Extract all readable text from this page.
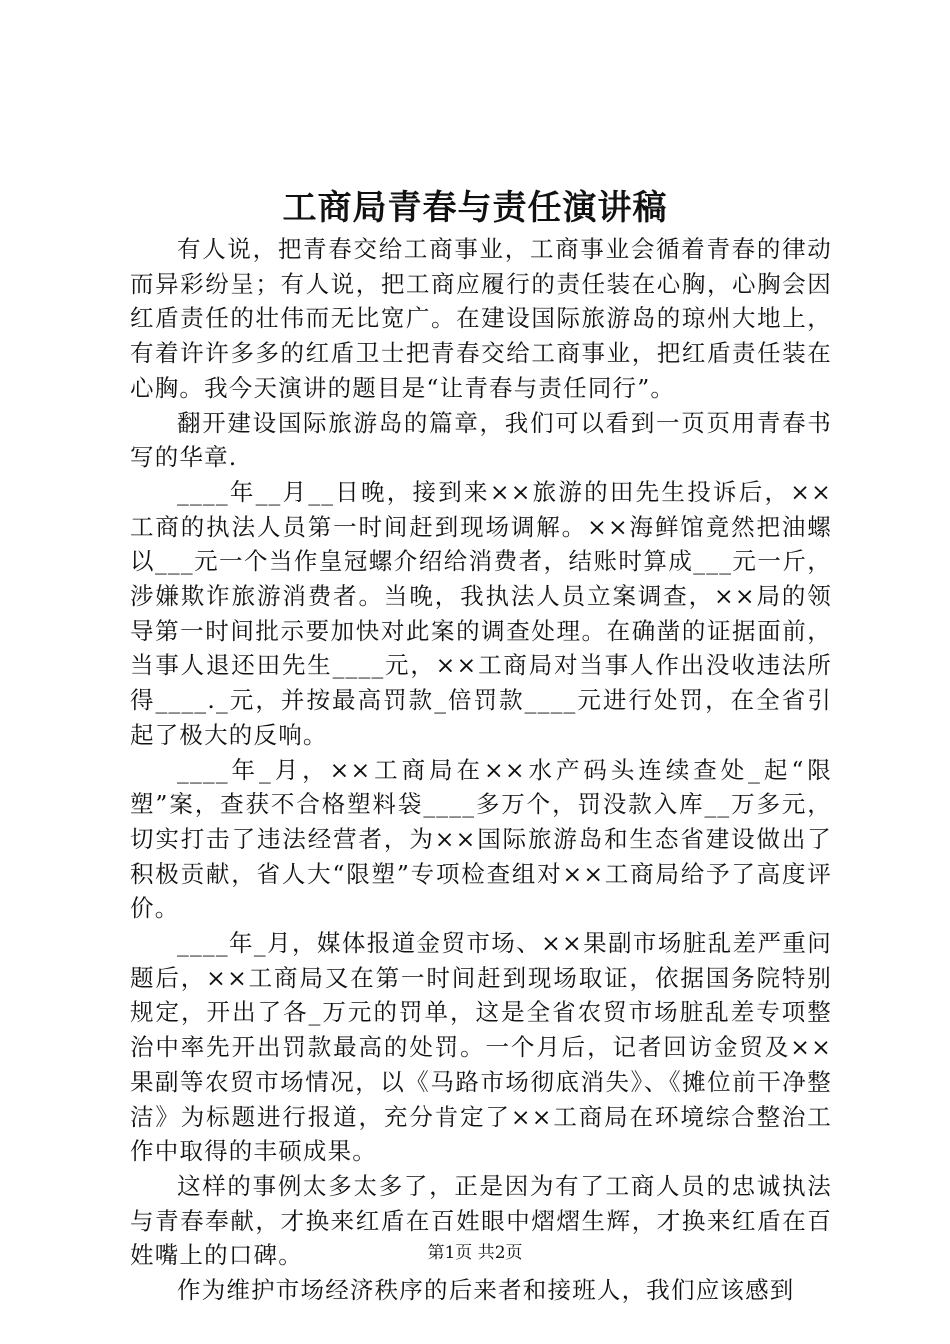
工商局青春与责任演讲稿

有人说，把青春交给工商事业，工商事业会循着青春的律动而异彩纷呈；有人说，把工商应履行的责任装在心胸，心胸会因红盾责任的壮伟而无比宽广。在建设国际旅游岛的琼州大地上，有着许许多多的红盾卫士把青春交给工商事业，把红盾责任装在心胸。我今天演讲的题目是“让青春与责任同行”。

翻开建设国际旅游岛的篇章，我们可以看到一页页用青春书写的华章.

____年__月__日晚，接到来××旅游的田先生投诉后，××工商的执法人员第一时间赶到现场调解。××海鲜馆竟然把油螺以___元一个当作皇冠螺介绍给消费者，结账时算成___元一斤，涉嫌欺诈旅游消费者。当晚，我执法人员立案调查，××局的领导第一时间批示要加快对此案的调查处理。在确凿的证据面前，当事人退还田先生____元，××工商局对当事人作出没收违法所得____._元，并按最高罚款_倍罚款____元进行处罚，在全省引起了极大的反响。

____年_月，××工商局在××水产码头连续查处_起“限塑”案，查获不合格塑料袋____多万个，罚没款入库__万多元，切实打击了违法经营者，为××国际旅游岛和生态省建设做出了积极贡献，省人大“限塑”专项检查组对××工商局给予了高度评价。

____年_月，媒体报道金贸市场、××果副市场脏乱差严重问题后，××工商局又在第一时间赶到现场取证，依据国务院特别规定，开出了各_万元的罚单，这是全省农贸市场脏乱差专项整治中率先开出罚款最高的处罚。一个月后，记者回访金贸及××果副等农贸市场情况，以《马路市场彻底消失》、《摊位前干净整洁》为标题进行报道，充分肯定了××工商局在环境综合整治工作中取得的丰硕成果。

这样的事例太多太多了，正是因为有了工商人员的忠诚执法与青春奉献，才换来红盾在百姓眼中熠熠生辉，才换来红盾在百姓嘴上的口碑。

作为维护市场经济秩序的后来者和接班人，我们应该感到

第1页 共2页
